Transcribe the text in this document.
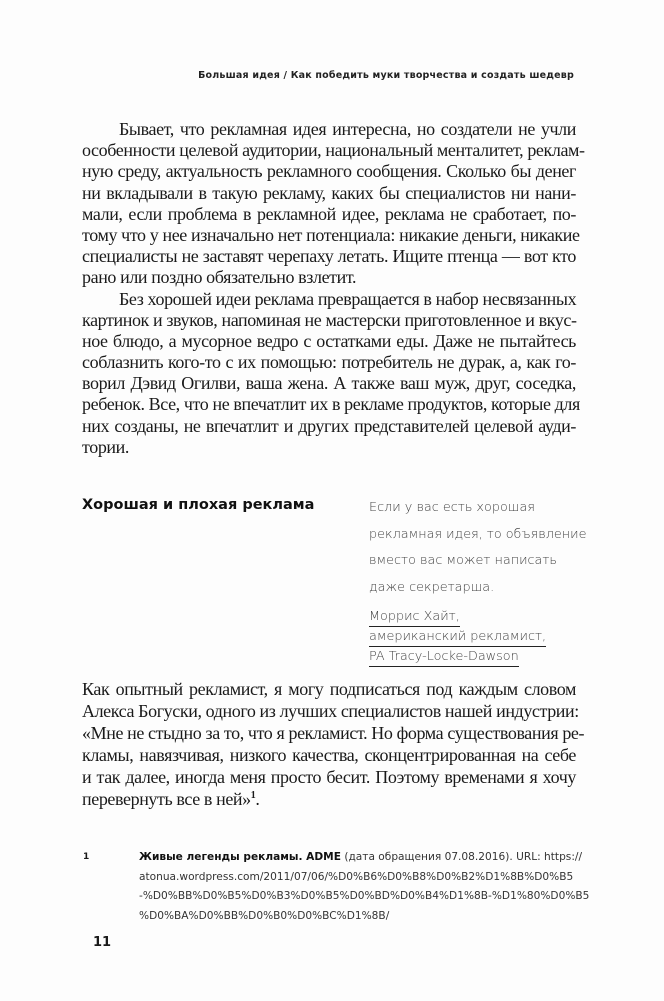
Большая идея / Как победить муки творчества и создать шедевр
Бывает, что рекламная идея интересна, но создатели не учли
особенности целевой аудитории, национальный менталитет, реклам-
ную среду, актуальность рекламного сообщения. Сколько бы денег
ни вкладывали в такую рекламу, каких бы специалистов ни нани-
мали, если проблема в рекламной идее, реклама не сработает, по-
тому что у нее изначально нет потенциала: никакие деньги, никакие
специалисты не заставят черепаху летать. Ищите птенца — вот кто
рано или поздно обязательно взлетит.
Без хорошей идеи реклама превращается в набор несвязанных
картинок и звуков, напоминая не мастерски приготовленное и вкус-
ное блюдо, а мусорное ведро с остатками еды. Даже не пытайтесь
соблазнить кого-то с их помощью: потребитель не дурак, а, как го-
ворил Дэвид Огилви, ваша жена. А также ваш муж, друг, соседка,
ребенок. Все, что не впечатлит их в рекламе продуктов, которые для
них созданы, не впечатлит и других представителей целевой ауди-
тории.
Хорошая и плохая реклама	Если у вас есть хорошая
рекламная идея, то объявление
вместо вас может написать
даже секретарша.
Моррис Хайт,
американский рекламист,
PA Tracy-Locke-Dawson
Как опытный рекламист, я могу подписаться под каждым словом
Алекса Богуски, одного из лучших специалистов нашей индустрии:
«Мне не стыдно за то, что я рекламист. Но форма существования ре-
кламы, навязчивая, низкого качества, сконцентрированная на себе
и так далее, иногда меня просто бесит. Поэтому временами я хочу
перевернуть все в ней»$^1$.
1	Живые легенды рекламы. ADME (дата обращения 07.08.2016). URL: https://
atonua.wordpress.com/2011/07/06/%D0%B6%D0%B8%D0%B2%D1%8B%D0%B5
-%D0%BB%D0%B5%D0%B3%D0%B5%D0%BD%D0%B4%D1%8B-%D1%80%D0%B5
%D0%BA%D0%BB%D0%B0%D0%BC%D1%8B/
11
